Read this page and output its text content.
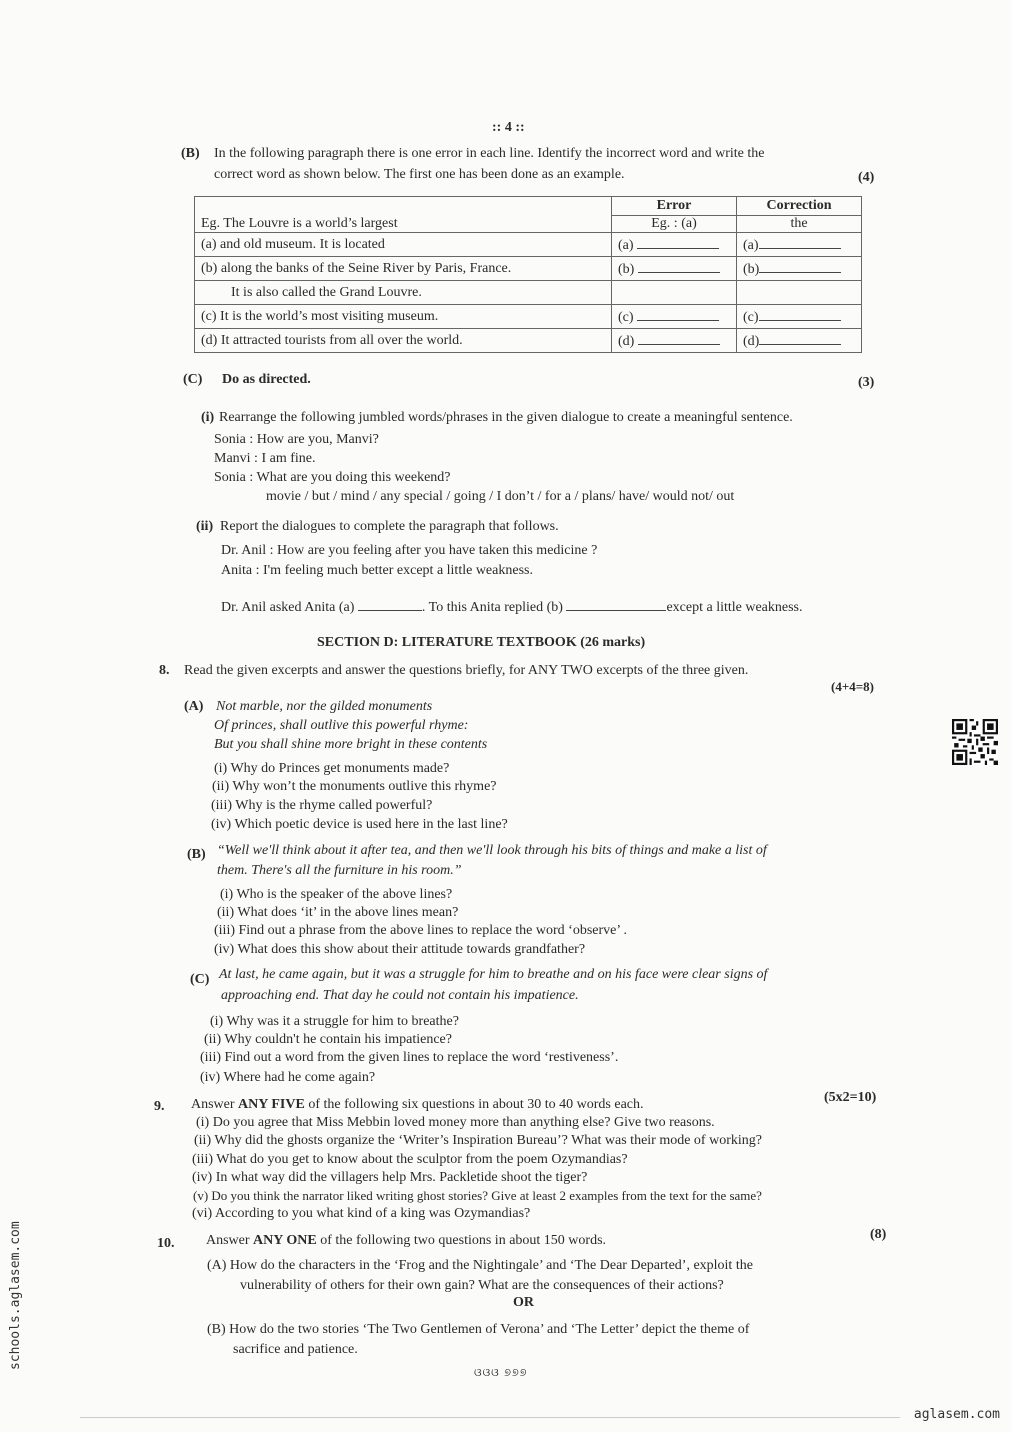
:: 4 ::
(B) In the following paragraph there is one error in each line. Identify the incorrect word and write the
correct word as shown below. The first one has been done as an example.	(4)
Eg. The Louvre is a world’s largest	Error	Correction
	Eg. : (a)	the
(a) and old museum. It is located	(a)	(a)
(b) along the banks of the Seine River by Paris, France.	(b)	(b)
It is also called the Grand Louvre.		
(c) It is the world’s most visiting museum.	(c)	(c)
(d) It attracted tourists from all over the world.	(d)	(d)
(C) Do as directed.	(3)
(i) Rearrange the following jumbled words/phrases in the given dialogue to create a meaningful sentence.
Sonia : How are you, Manvi?
Manvi : I am fine.
Sonia : What are you doing this weekend?
movie / but / mind / any special / going / I don’t / for a / plans/ have/ would not/ out
(ii) Report the dialogues to complete the paragraph that follows.
Dr. Anil : How are you feeling after you have taken this medicine ?
Anita : I'm feeling much better except a little weakness.
Dr. Anil asked Anita (a)	. To this Anita replied (b)	except a little weakness.
SECTION D: LITERATURE TEXTBOOK (26 marks)
8. Read the given excerpts and answer the questions briefly, for ANY TWO excerpts of the three given.
(4+4=8)
(A) Not marble, nor the gilded monuments
Of princes, shall outlive this powerful rhyme:
But you shall shine more bright in these contents
(i) Why do Princes get monuments made?
(ii) Why won’t the monuments outlive this rhyme?
(iii) Why is the rhyme called powerful?
(iv) Which poetic device is used here in the last line?
(B) “Well we'll think about it after tea, and then we'll look through his bits of things and make a list of
them. There's all the furniture in his room.”
(i) Who is the speaker of the above lines?
(ii) What does ‘it’ in the above lines mean?
(iii) Find out a phrase from the above lines to replace the word ‘observe’ .
(iv) What does this show about their attitude towards grandfather?
(C) At last, he came again, but it was a struggle for him to breathe and on his face were clear signs of
approaching end. That day he could not contain his impatience.
(i) Why was it a struggle for him to breathe?
(ii) Why couldn't he contain his impatience?
(iii) Find out a word from the given lines to replace the word ‘restiveness’.
(iv) Where had he come again?
9. Answer ANY FIVE of the following six questions in about 30 to 40 words each.	(5x2=10)
(i) Do you agree that Miss Mebbin loved money more than anything else? Give two reasons.
(ii) Why did the ghosts organize the ‘Writer’s Inspiration Bureau’? What was their mode of working?
(iii) What do you get to know about the sculptor from the poem Ozymandias?
(iv) In what way did the villagers help Mrs. Packletide shoot the tiger?
(v) Do you think the narrator liked writing ghost stories? Give at least 2 examples from the text for the same?
(vi) According to you what kind of a king was Ozymandias?
10. Answer ANY ONE of the following two questions in about 150 words.	(8)
(A) How do the characters in the ‘Frog and the Nightingale’ and ‘The Dear Departed’, exploit the
vulnerability of others for their own gain? What are the consequences of their actions?
OR
(B) How do the two stories ‘The Two Gentlemen of Verona’ and ‘The Letter’ depict the theme of
sacrifice and patience.
ଓଓଓ ୭୭୭
schools.aglasem.com
aglasem.com
